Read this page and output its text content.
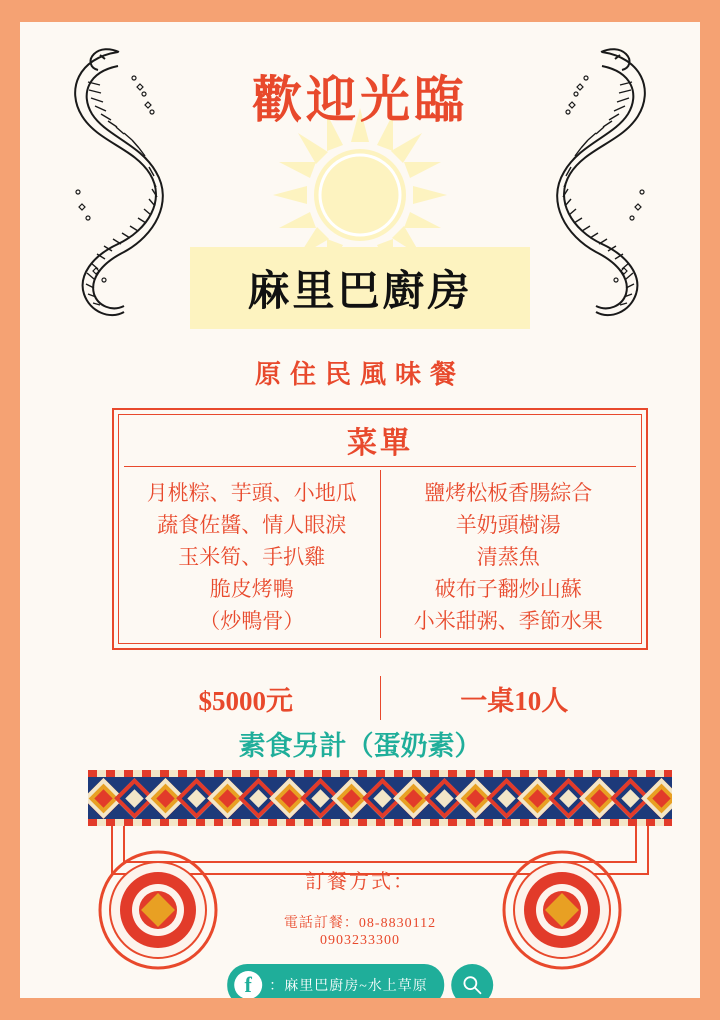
歡迎光臨
麻里巴廚房
原住民風味餐
菜單
月桃粽、芋頭、小地瓜
蔬食佐醬、情人眼淚
玉米筍、手扒雞
脆皮烤鴨
（炒鴨骨）
鹽烤松板香腸綜合
羊奶頭樹湯
清蒸魚
破布子翻炒山蘇
小米甜粥、季節水果
$5000元	一桌10人
素食另計（蛋奶素）
訂餐方式：
電話訂餐：08-8830112
0903233300
f	：麻里巴廚房~水上草原
